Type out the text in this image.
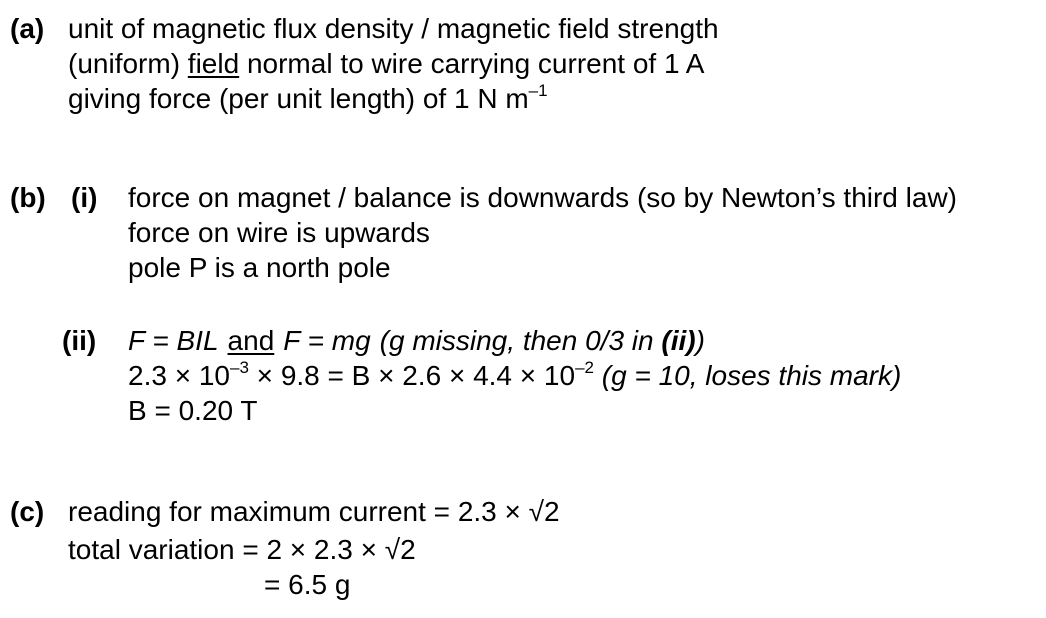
(a) unit of magnetic flux density / magnetic field strength
(uniform) field normal to wire carrying current of 1 A
giving force (per unit length) of 1 N $m^{-1}$
(b) (i) force on magnet / balance is downwards (so by Newton’s third law)
force on wire is upwards
pole P is a north pole
(ii) F = BIL and F = mg (g missing, then 0/3 in (ii))
$2.3 \times 10^{-3} \times 9.8 = B \times 2.6 \times 4.4 \times 10^{-2}$ (g = 10, loses this mark)
B = 0.20 T
(c) reading for maximum current = 2.3 × √2
total variation = 2 × 2.3 × √2
= 6.5 g
